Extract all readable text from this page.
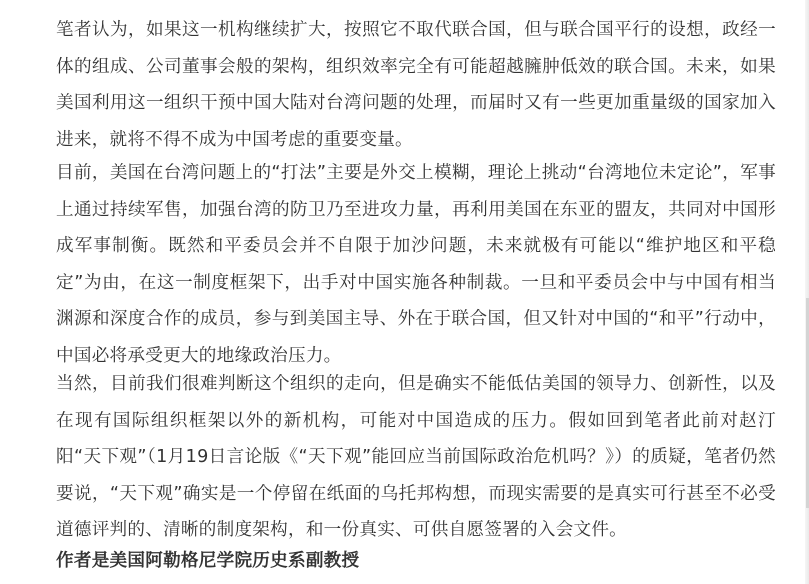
笔者认为，如果这一机构继续扩大，按照它不取代联合国，但与联合国平行的设想，政经一体的组成、公司董事会般的架构，组织效率完全有可能超越臃肿低效的联合国。未来，如果美国利用这一组织干预中国大陆对台湾问题的处理，而届时又有一些更加重量级的国家加入进来，就将不得不成为中国考虑的重要变量。

目前，美国在台湾问题上的“打法”主要是外交上模糊，理论上挑动“台湾地位未定论”，军事上通过持续军售，加强台湾的防卫乃至进攻力量，再利用美国在东亚的盟友，共同对中国形成军事制衡。既然和平委员会并不自限于加沙问题，未来就极有可能以“维护地区和平稳定”为由，在这一制度框架下，出手对中国实施各种制裁。一旦和平委员会中与中国有相当渊源和深度合作的成员，参与到美国主导、外在于联合国，但又针对中国的“和平”行动中，中国必将承受更大的地缘政治压力。

当然，目前我们很难判断这个组织的走向，但是确实不能低估美国的领导力、创新性，以及在现有国际组织框架以外的新机构，可能对中国造成的压力。假如回到笔者此前对赵汀阳“天下观”（1月19日言论版《“天下观”能回应当前国际政治危机吗？》）的质疑，笔者仍然要说，“天下观”确实是一个停留在纸面的乌托邦构想，而现实需要的是真实可行甚至不必受道德评判的、清晰的制度架构，和一份真实、可供自愿签署的入会文件。

作者是美国阿勒格尼学院历史系副教授
